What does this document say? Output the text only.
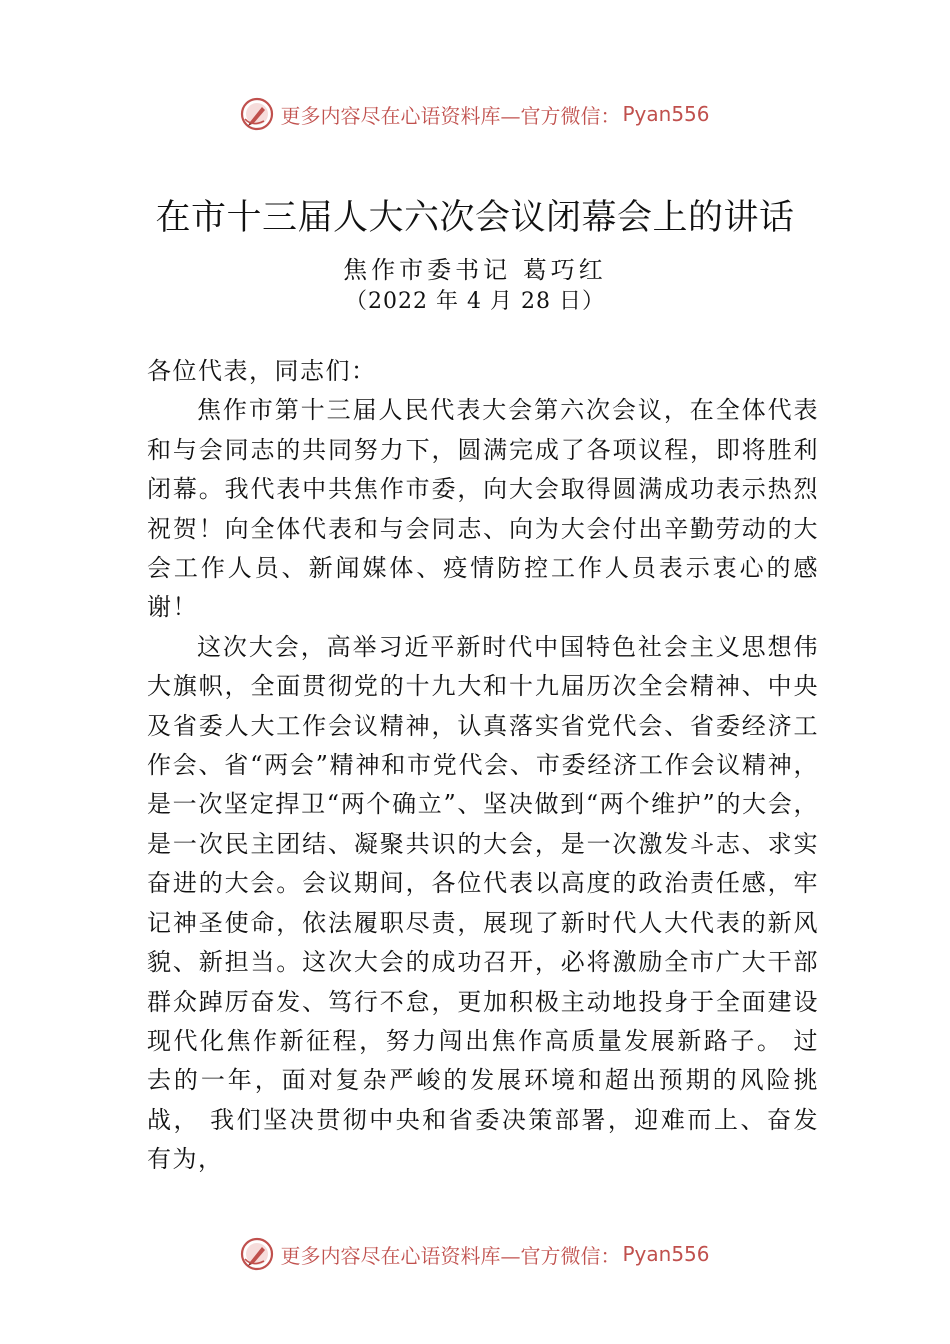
更多内容尽在心语资料库—官方微信： Pyan556
在市十三届人大六次会议闭幕会上的讲话
焦作市委书记 葛巧红
（2022 年 4 月 28 日）

各位代表，同志们：

焦作市第十三届人民代表大会第六次会议，在全体代表和与会同志的共同努力下，圆满完成了各项议程，即将胜利闭幕。我代表中共焦作市委，向大会取得圆满成功表示热烈祝贺！向全体代表和与会同志、向为大会付出辛勤劳动的大会工作人员、新闻媒体、疫情防控工作人员表示衷心的感谢！

这次大会，高举习近平新时代中国特色社会主义思想伟大旗帜，全面贯彻党的十九大和十九届历次全会精神、中央及省委人大工作会议精神，认真落实省党代会、省委经济工作会、省“两会”精神和市党代会、市委经济工作会议精神，是一次坚定捍卫“两个确立”、坚决做到“两个维护”的大会，是一次民主团结、凝聚共识的大会，是一次激发斗志、求实奋进的大会。会议期间，各位代表以高度的政治责任感，牢记神圣使命，依法履职尽责，展现了新时代人大代表的新风貌、新担当。这次大会的成功召开，必将激励全市广大干部群众踔厉奋发、笃行不怠，更加积极主动地投身于全面建设现代化焦作新征程，努力闯出焦作高质量发展新路子。 过去的一年，面对复杂严峻的发展环境和超出预期的风险挑战， 我们坚决贯彻中央和省委决策部署，迎难而上、奋发有为，

更多内容尽在心语资料库—官方微信： Pyan556
